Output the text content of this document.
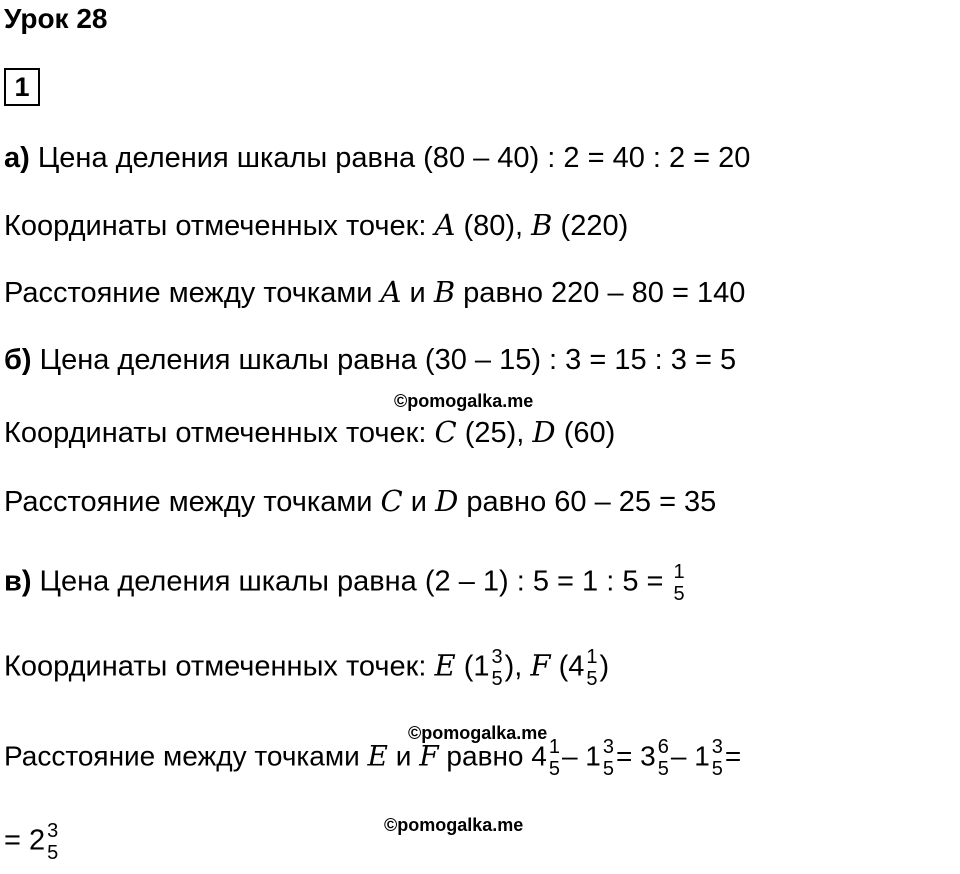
Урок 28
1
а) Цена деления шкалы равна (80 – 40) : 2 = 40 : 2 = 20
Координаты отмеченных точек: A (80), B (220)
Расстояние между точками A и B равно 220 – 80 = 140
б) Цена деления шкалы равна (30 – 15) : 3 = 15 : 3 = 5
©pomogalka.me
Координаты отмеченных точек: C (25), D (60)
Расстояние между точками C и D равно 60 – 25 = 35
в) Цена деления шкалы равна (2 – 1) : 5 = 1 : 5 = 1
5
Координаты отмеченных точек: E (1 3
5 ), F (4 1
5 )
©pomogalka.me
Расстояние между точками E и F равно 4 1
5 – 1 3
5 = 3 6
5 – 1 3
5 =
©pomogalka.me
= 2 3
5
